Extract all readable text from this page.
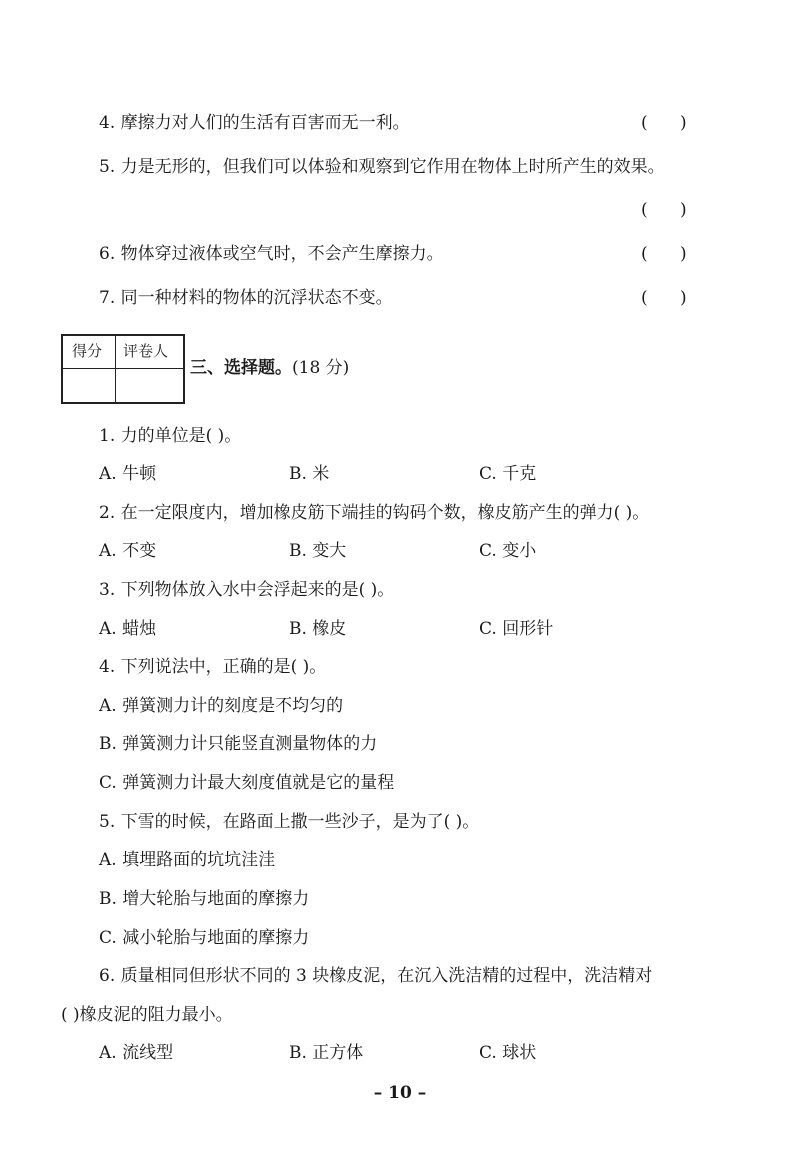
4. 摩擦力对人们的生活有百害而无一利。	(      )
5. 力是无形的，但我们可以体验和观察到它作用在物体上时所产生的效果。
(      )
6. 物体穿过液体或空气时，不会产生摩擦力。	(      )
7. 同一种材料的物体的沉浮状态不变。	(      )
得分 评卷人
三、选择题。(18 分)
1. 力的单位是( )。
A. 牛顿	B. 米	C. 千克
2. 在一定限度内，增加橡皮筋下端挂的钩码个数，橡皮筋产生的弹力( )。
A. 不变	B. 变大	C. 变小
3. 下列物体放入水中会浮起来的是( )。
A. 蜡烛	B. 橡皮	C. 回形针
4. 下列说法中，正确的是( )。
A. 弹簧测力计的刻度是不均匀的
B. 弹簧测力计只能竖直测量物体的力
C. 弹簧测力计最大刻度值就是它的量程
5. 下雪的时候，在路面上撒一些沙子，是为了( )。
A. 填埋路面的坑坑洼洼
B. 增大轮胎与地面的摩擦力
C. 减小轮胎与地面的摩擦力
6. 质量相同但形状不同的 3 块橡皮泥，在沉入洗洁精的过程中，洗洁精对
( )橡皮泥的阻力最小。
A. 流线型	B. 正方体	C. 球状
– 10 –
